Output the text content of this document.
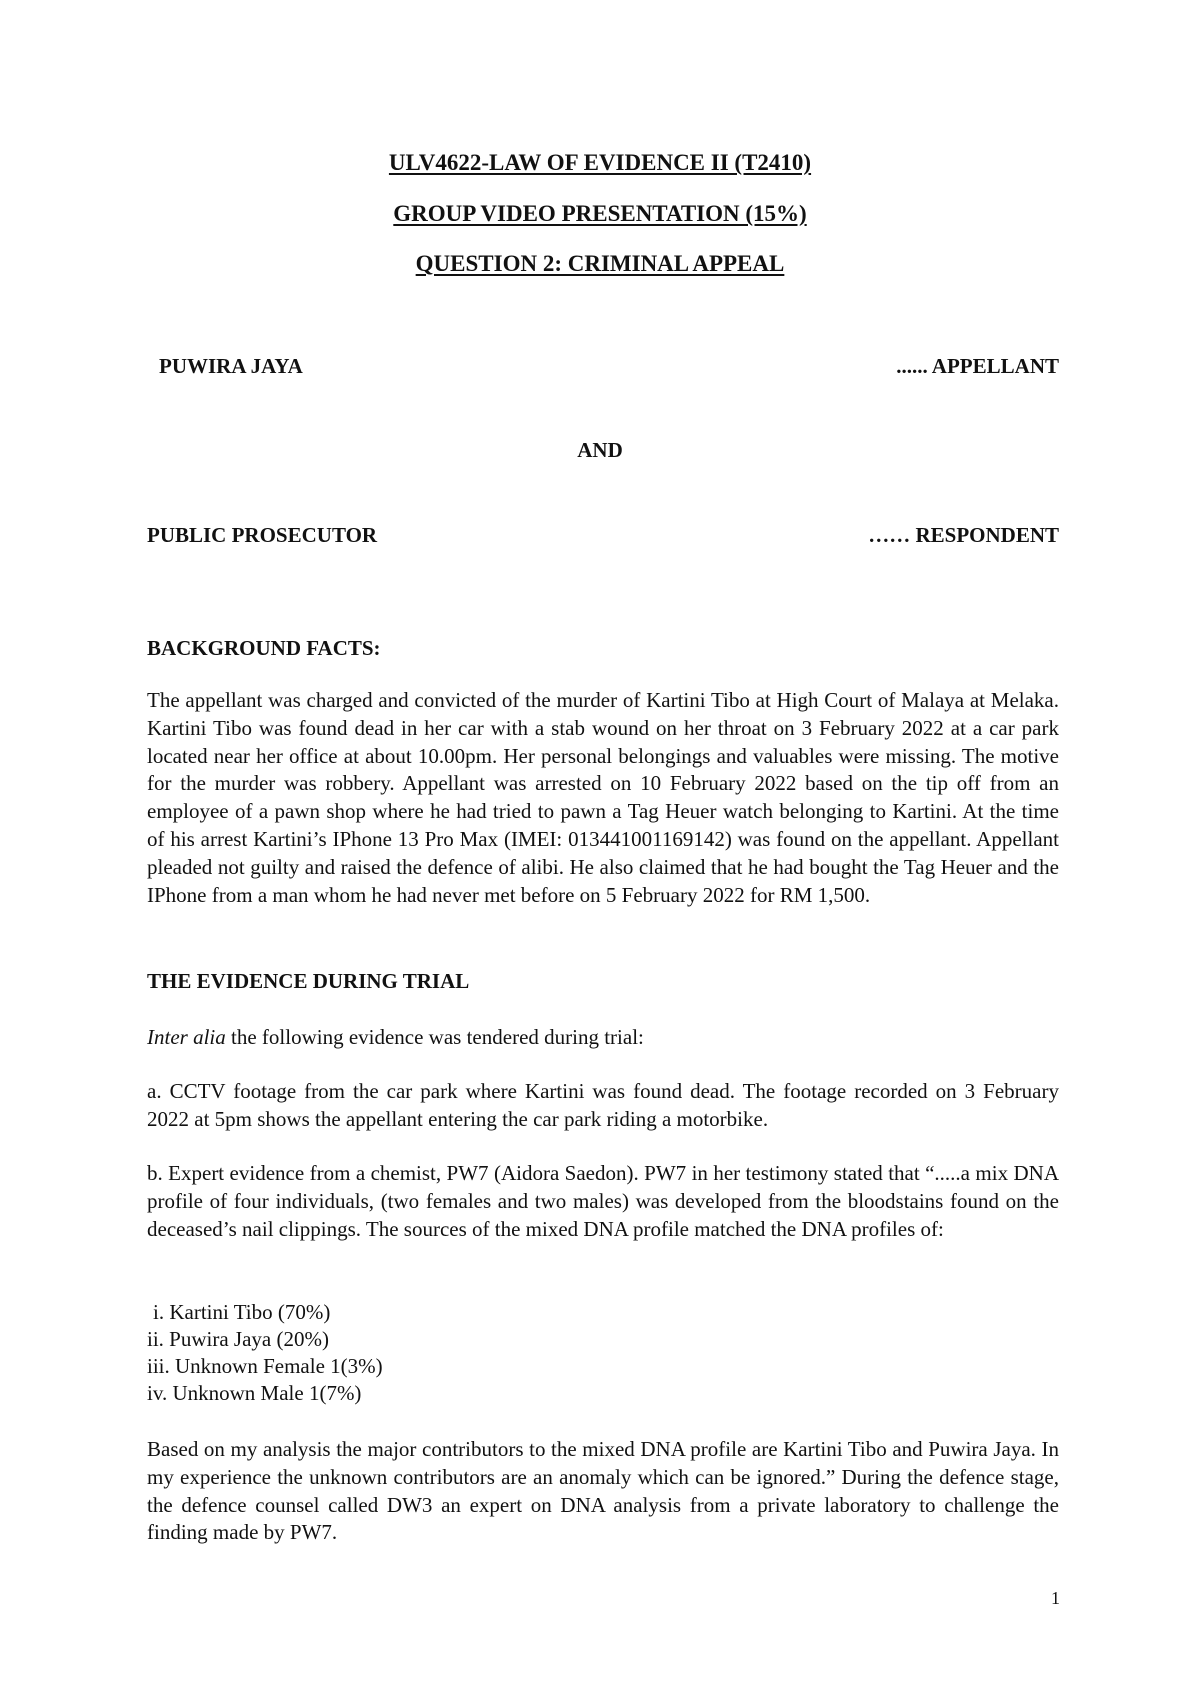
ULV4622-LAW OF EVIDENCE II (T2410)
GROUP VIDEO PRESENTATION (15%)
QUESTION 2: CRIMINAL APPEAL
PUWIRA JAYA	...... APPELLANT
AND
PUBLIC PROSECUTOR	…… RESPONDENT
BACKGROUND FACTS:
The appellant was charged and convicted of the murder of Kartini Tibo at High Court of Malaya at Melaka. Kartini Tibo was found dead in her car with a stab wound on her throat on 3 February 2022 at a car park located near her office at about 10.00pm. Her personal belongings and valuables were missing. The motive for the murder was robbery. Appellant was arrested on 10 February 2022 based on the tip off from an employee of a pawn shop where he had tried to pawn a Tag Heuer watch belonging to Kartini. At the time of his arrest Kartini’s IPhone 13 Pro Max (IMEI: 013441001169142) was found on the appellant. Appellant pleaded not guilty and raised the defence of alibi. He also claimed that he had bought the Tag Heuer and the IPhone from a man whom he had never met before on 5 February 2022 for RM 1,500.
THE EVIDENCE DURING TRIAL
Inter alia the following evidence was tendered during trial:
a. CCTV footage from the car park where Kartini was found dead. The footage recorded on 3 February 2022 at 5pm shows the appellant entering the car park riding a motorbike.
b. Expert evidence from a chemist, PW7 (Aidora Saedon). PW7 in her testimony stated that “.....a mix DNA profile of four individuals, (two females and two males) was developed from the bloodstains found on the deceased’s nail clippings. The sources of the mixed DNA profile matched the DNA profiles of:
i. Kartini Tibo (70%)
ii. Puwira Jaya (20%)
iii. Unknown Female 1(3%)
iv. Unknown Male 1(7%)
Based on my analysis the major contributors to the mixed DNA profile are Kartini Tibo and Puwira Jaya. In my experience the unknown contributors are an anomaly which can be ignored.” During the defence stage, the defence counsel called DW3 an expert on DNA analysis from a private laboratory to challenge the finding made by PW7.
1
